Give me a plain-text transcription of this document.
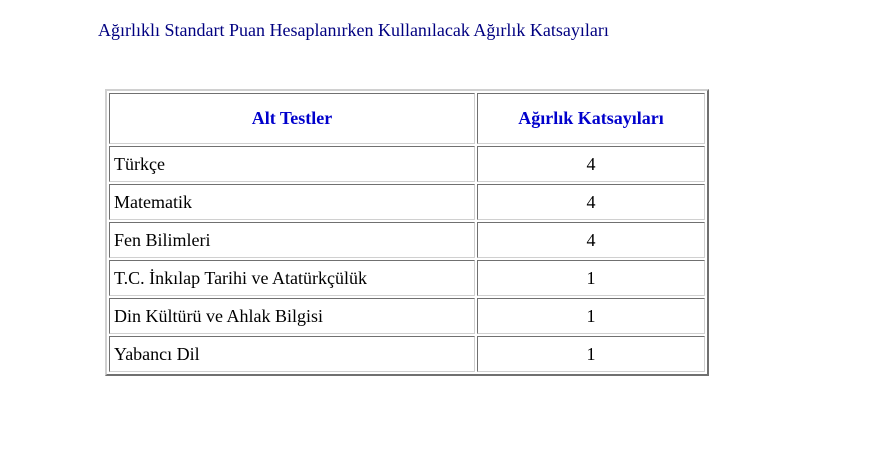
Ağırlıklı Standart Puan Hesaplanırken Kullanılacak Ağırlık Katsayıları
Alt Testler	Ağırlık Katsayıları
Türkçe	4
Matematik	4
Fen Bilimleri	4
T.C. İnkılap Tarihi ve Atatürkçülük	1
Din Kültürü ve Ahlak Bilgisi	1
Yabancı Dil	1
